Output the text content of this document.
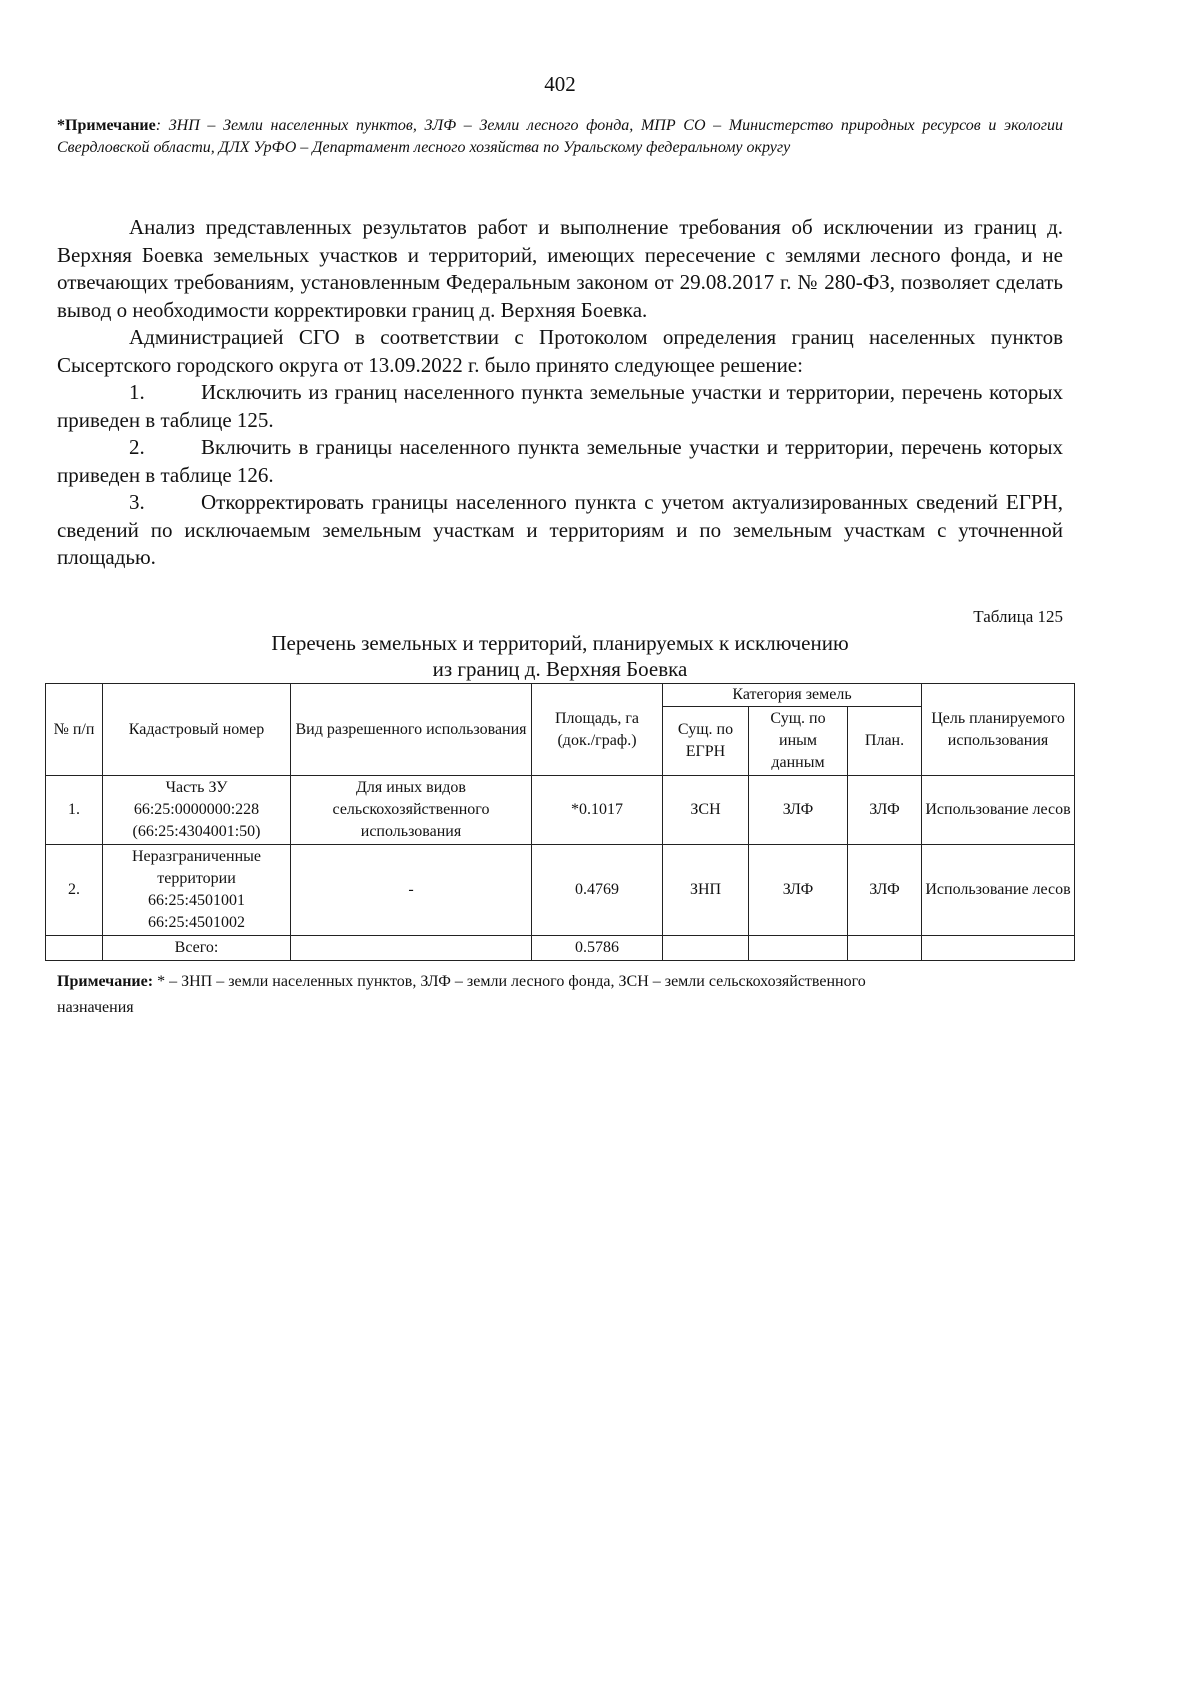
402
*Примечание: ЗНП – Земли населенных пунктов, ЗЛФ – Земли лесного фонда, МПР СО – Министерство природных ресурсов и экологии Свердловской области, ДЛХ УрФО – Департамент лесного хозяйства по Уральскому федеральному округу

Анализ представленных результатов работ и выполнение требования об исключении из границ д. Верхняя Боевка земельных участков и территорий, имеющих пересечение с землями лесного фонда, и не отвечающих требованиям, установленным Федеральным законом от 29.08.2017 г. № 280-ФЗ, позволяет сделать вывод о необходимости корректировки границ д. Верхняя Боевка.

Администрацией СГО в соответствии с Протоколом определения границ населенных пунктов Сысертского городского округа от 13.09.2022 г. было принято следующее решение:

1.	Исключить из границ населенного пункта земельные участки и территории, перечень которых приведен в таблице 125.

2.	Включить в границы населенного пункта земельные участки и территории, перечень которых приведен в таблице 126.

3.	Откорректировать границы населенного пункта с учетом актуализированных сведений ЕГРН, сведений по исключаемым земельным участкам и территориям и по земельным участкам с уточненной площадью.

Таблица 125
Перечень земельных и территорий, планируемых к исключению
из границ д. Верхняя Боевка
№ п/п	Кадастровый номер	Вид разрешенного использования	Площадь, га (док./граф.)	Категория земель			Цель планируемого использования
				Сущ. по ЕГРН	Сущ. по иным данным	План.	
1.	Часть ЗУ
66:25:0000000:228
(66:25:4304001:50)	Для иных видов сельскохозяйственного использования	*0.1017	ЗСН	ЗЛФ	ЗЛФ	Использование лесов
2.	Неразграниченные
территории
66:25:4501001
66:25:4501002	-	0.4769	ЗНП	ЗЛФ	ЗЛФ	Использование лесов
	Всего:		0.5786				
Примечание: * – ЗНП – земли населенных пунктов, ЗЛФ – земли лесного фонда, ЗСН – земли сельскохозяйственного назначения
